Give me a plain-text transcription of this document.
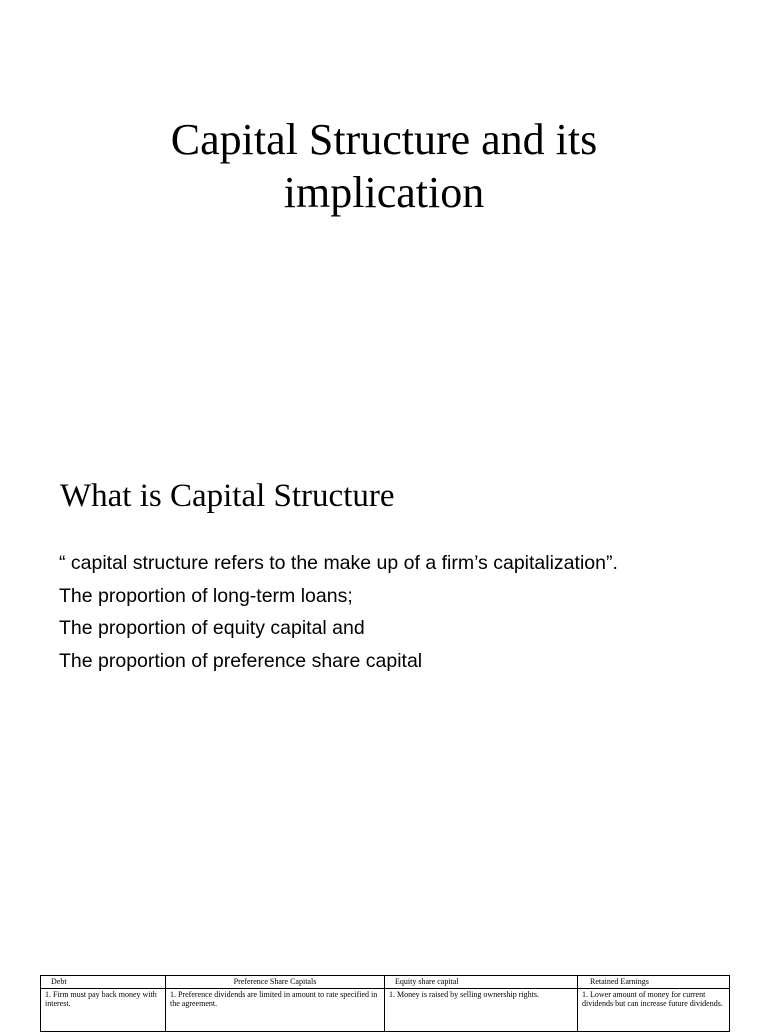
Capital Structure and its
implication
What is Capital Structure
“ capital structure refers to the make up of a firm’s capitalization”.
The proportion of long-term loans;
The proportion of equity capital and
The proportion of preference share capital
Debt	Preference Share Capitals	Equity share capital	Retained Earnings
1. Firm must pay back money with interest.	1. Preference dividends are limited in amount to rate specified in the agreement.	1. Money is raised by selling ownership rights.	1. Lower amount of money for current dividends but can increase future dividends.
